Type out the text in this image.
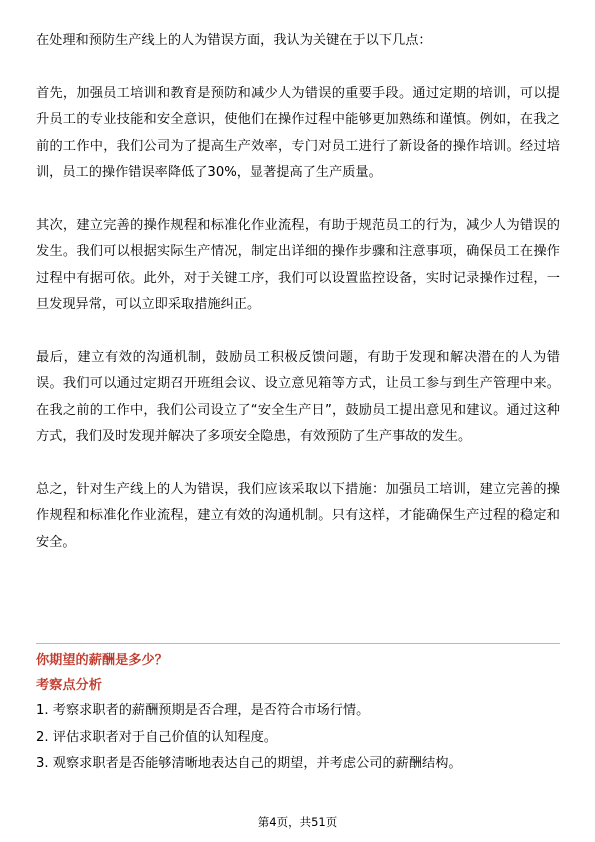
在处理和预防生产线上的人为错误方面，我认为关键在于以下几点：

首先，加强员工培训和教育是预防和减少人为错误的重要手段。通过定期的培训，可以提升员工的专业技能和安全意识，使他们在操作过程中能够更加熟练和谨慎。例如，在我之前的工作中，我们公司为了提高生产效率，专门对员工进行了新设备的操作培训。经过培训，员工的操作错误率降低了30%，显著提高了生产质量。

其次，建立完善的操作规程和标准化作业流程，有助于规范员工的行为，减少人为错误的发生。我们可以根据实际生产情况，制定出详细的操作步骤和注意事项，确保员工在操作过程中有据可依。此外，对于关键工序，我们可以设置监控设备，实时记录操作过程，一旦发现异常，可以立即采取措施纠正。

最后，建立有效的沟通机制，鼓励员工积极反馈问题，有助于发现和解决潜在的人为错误。我们可以通过定期召开班组会议、设立意见箱等方式，让员工参与到生产管理中来。在我之前的工作中，我们公司设立了“安全生产日”，鼓励员工提出意见和建议。通过这种方式，我们及时发现并解决了多项安全隐患，有效预防了生产事故的发生。

总之，针对生产线上的人为错误，我们应该采取以下措施：加强员工培训，建立完善的操作规程和标准化作业流程，建立有效的沟通机制。只有这样，才能确保生产过程的稳定和安全。

你期望的薪酬是多少？

考察点分析

1. 考察求职者的薪酬预期是否合理，是否符合市场行情。

2. 评估求职者对于自己价值的认知程度。

3. 观察求职者是否能够清晰地表达自己的期望，并考虑公司的薪酬结构。

第4页，共51页
